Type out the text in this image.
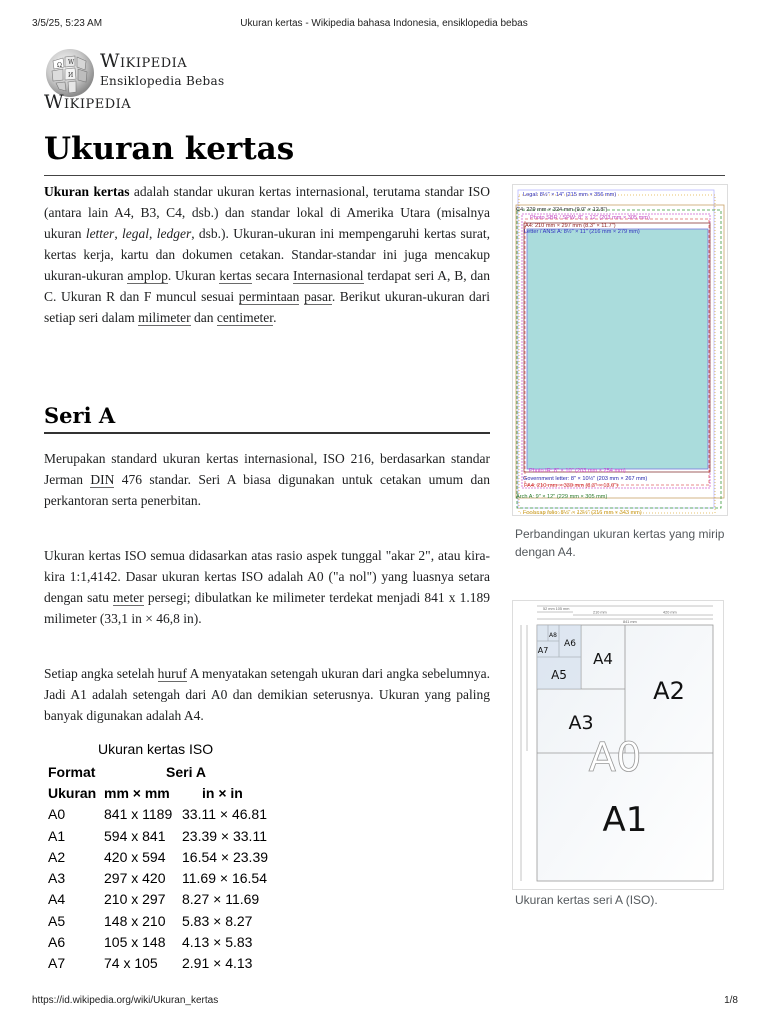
3/5/25, 5:23 AM	Ukuran kertas - Wikipedia bahasa Indonesia, ensiklopedia bebas
Ω W
И
Wikipedia
Ensiklopedia Bebas
Wikipedia
Ukuran kertas

Ukuran kertas adalah standar ukuran kertas internasional, terutama standar ISO (antara lain A4, B3, C4, dsb.) dan standar lokal di Amerika Utara (misalnya ukuran letter, legal, ledger, dsb.). Ukuran-ukuran ini mempengaruhi kertas surat, kertas kerja, kartu dan dokumen cetakan. Standar-standar ini juga mencakup ukuran-ukuran amplop. Ukuran kertas secara Internasional terdapat seri A, B, dan C. Ukuran R dan F muncul sesuai permintaan pasar. Berikut ukuran-ukuran dari setiap seri dalam milimeter dan centimeter.

Seri A

Merupakan standard ukuran kertas internasional, ISO 216, berdasarkan standar Jerman DIN 476 standar. Seri A biasa digunakan untuk cetakan umum dan perkantoran serta penerbitan.

Ukuran kertas ISO semua didasarkan atas rasio aspek tunggal "akar 2", atau kira-kira 1:1,4142. Dasar ukuran kertas ISO adalah A0 ("a nol") yang luasnya setara dengan satu meter persegi; dibulatkan ke milimeter terdekat menjadi 841 x 1.189 milimeter (33,1 in × 46,8 in).

Setiap angka setelah huruf A menyatakan setengah ukuran dari angka sebelumnya. Jadi A1 adalah setengah dari A0 dan demikian seterusnya. Ukuran yang paling banyak digunakan adalah A4.

Legal: 8½" × 14" (215 mm × 356 mm)
C4: 229 mm × 324 mm (9.0" × 12.8")
Photo SBR / SPW: 8" × 12" (203 mm × 305 mm)
A4: 210 mm × 297 mm (8.3" × 11.7")
Letter / ANSI A: 8½" × 11" (216 mm × 279 mm)
Photo IR: 8" × 10" (203 mm × 254 mm)
Government letter: 8" × 10½" (203 mm × 267 mm)
FA4: 210 mm × 330 mm (8.3" × 13.0")
Arch A: 9" × 12" (229 mm × 305 mm)
Foolscap folio: 8½" × 13½" (216 mm × 343 mm)

Perbandingan ukuran kertas yang mirip dengan A4.

52 mm 105 mm
210 mm	420 mm
841 mm
A0
A1
A2
A3
A4
A5
A6
A7
A8

Ukuran kertas seri A (ISO).

Ukuran kertas ISO
Format	Seri A	
Ukuran	mm × mm	in × in
A0	841 x 1189	33.11 × 46.81
A1	594 x 841	23.39 × 33.11
A2	420 x 594	16.54 × 23.39
A3	297 x 420	11.69 × 16.54
A4	210 x 297	8.27 × 11.69
A5	148 x 210	5.83 × 8.27
A6	105 x 148	4.13 × 5.83
A7	74 x 105	2.91 × 4.13
https://id.wikipedia.org/wiki/Ukuran_kertas	1/8
